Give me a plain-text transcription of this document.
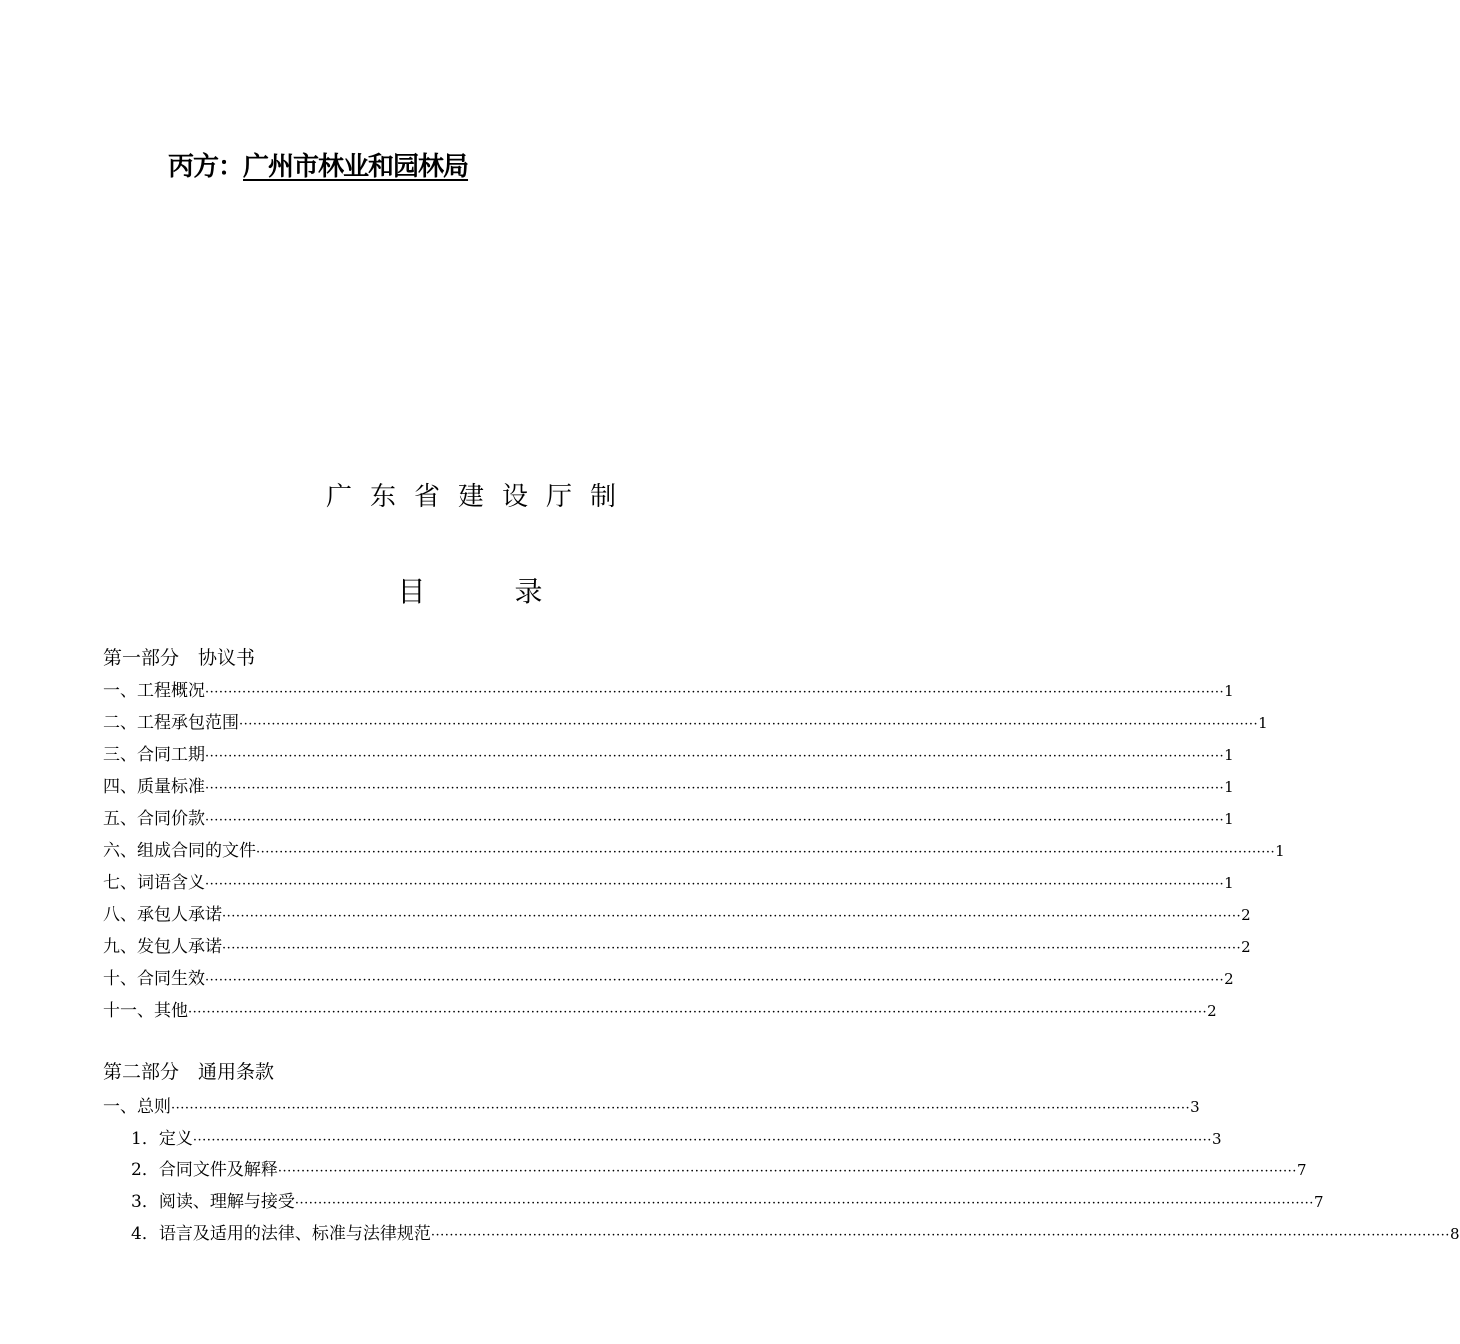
丙方：广州市林业和园林局
广东省建设厅制
目 录
第一部分　协议书
一、工程概况 ···························································································································································································································· 1
二、工程承包范围 ···························································································································································································································· 1
三、合同工期 ···························································································································································································································· 1
四、质量标准 ···························································································································································································································· 1
五、合同价款 ···························································································································································································································· 1
六、组成合同的文件 ···························································································································································································································· 1
七、词语含义 ···························································································································································································································· 1
八、承包人承诺 ···························································································································································································································· 2
九、发包人承诺 ···························································································································································································································· 2
十、合同生效 ···························································································································································································································· 2
十一、其他 ···························································································································································································································· 2
第二部分　通用条款
一、总则 ···························································································································································································································· 3
1．定义 ···························································································································································································································· 3
2．合同文件及解释 ···························································································································································································································· 7
3．阅读、理解与接受 ···························································································································································································································· 7
4．语言及适用的法律、标准与法律规范 ···························································································································································································································· 8
